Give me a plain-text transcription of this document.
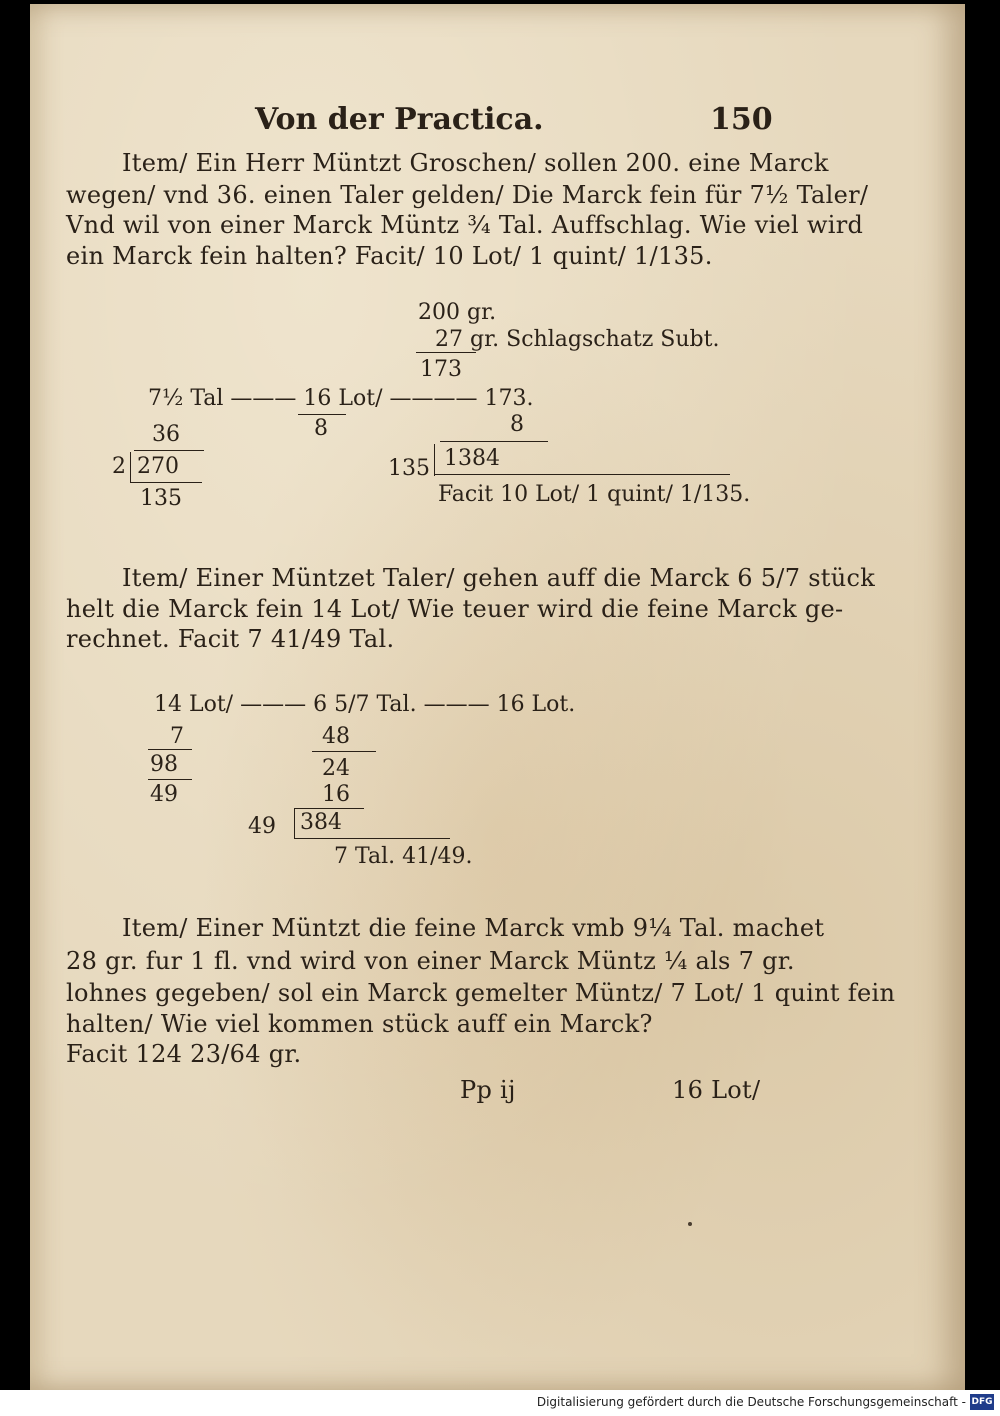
Von der Practica.	150
Item/ Ein Herr Müntzt Groschen/ sollen 200. eine Marck
wegen/ vnd 36. einen Taler gelden/ Die Marck fein für 7½ Taler/
Vnd wil von einer Marck Müntz ¾ Tal. Auffschlag. Wie viel wird
ein Marck fein halten? Facit/ 10 Lot/ 1 quint/ 1/135.
200 gr.
27 gr. Schlagschatz Subt.
173
7½ Tal ——— 16 Lot/ ———— 173.
8	8
36
2 270
135
135 1384
Facit 10 Lot/ 1 quint/ 1/135.
Item/ Einer Müntzet Taler/ gehen auff die Marck 6 5/7 stück
helt die Marck fein 14 Lot/ Wie teuer wird die feine Marck ge-
rechnet. Facit 7 41/49 Tal.
14 Lot/ ——— 6 5/7 Tal. ——— 16 Lot.
7	48
98	24
49	16
49 384
7 Tal. 41/49.
Item/ Einer Müntzt die feine Marck vmb 9¼ Tal. machet
28 gr. fur 1 fl. vnd wird von einer Marck Müntz ¼ als 7 gr.
lohnes gegeben/ sol ein Marck gemelter Müntz/ 7 Lot/ 1 quint fein
halten/ Wie viel kommen stück auff ein Marck?
Facit 124 23/64 gr.
Pp ij	16 Lot/
Digitalisierung gefördert durch die Deutsche Forschungsgemeinschaft - DFG
